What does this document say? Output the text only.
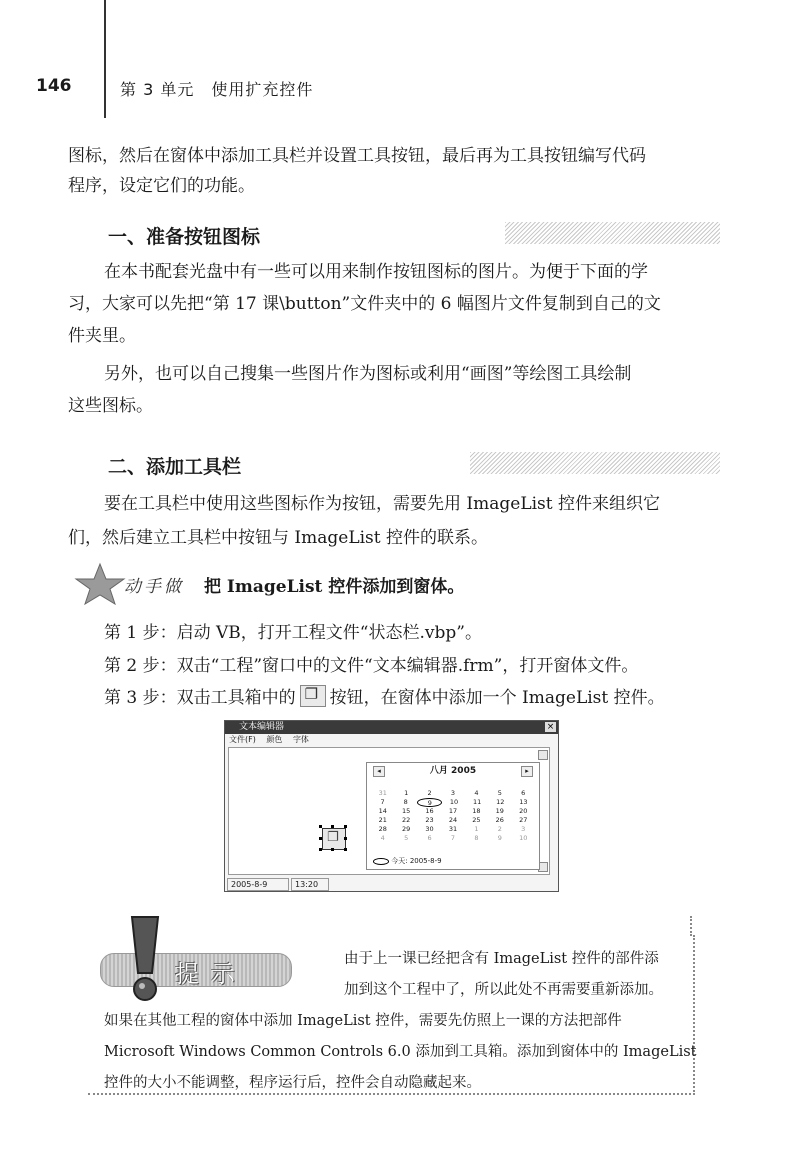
146	第 3 单元　使用扩充控件

图标，然后在窗体中添加工具栏并设置工具按钮，最后再为工具按钮编写代码

程序，设定它们的功能。

一、准备按钮图标

在本书配套光盘中有一些可以用来制作按钮图标的图片。为便于下面的学

习，大家可以先把“第 17 课\button”文件夹中的 6 幅图片文件复制到自己的文

件夹里。

另外，也可以自己搜集一些图片作为图标或利用“画图”等绘图工具绘制

这些图标。

二、添加工具栏

要在工具栏中使用这些图标作为按钮，需要先用 ImageList 控件来组织它

们，然后建立工具栏中按钮与 ImageList 控件的联系。

动手做 把 ImageList 控件添加到窗体。
第 1 步：启动 VB，打开工程文件“状态栏.vbp”。
第 2 步：双击“工程”窗口中的文件“文本编辑器.frm”，打开窗体文件。
第 3 步：双击工具箱中的❐ 按钮，在窗体中添加一个 ImageList 控件。
文本编辑器	×
文件(F) 颜色 字体
❐
◂	八月 2005	▸
31	1	2	3	4	5	6
7	8	9	10	11	12	13
14	15	16	17	18	19	20
21	22	23	24	25	26	27
28	29	30	31	1	2	3
4	5	6	7	8	9	10
今天: 2005-8-9
2005-8-9	13:20
提示
由于上一课已经把含有 ImageList 控件的部件添
加到这个工程中了，所以此处不再需要重新添加。
如果在其他工程的窗体中添加 ImageList 控件，需要先仿照上一课的方法把部件
Microsoft Windows Common Controls 6.0 添加到工具箱。添加到窗体中的 ImageList
控件的大小不能调整，程序运行后，控件会自动隐藏起来。
